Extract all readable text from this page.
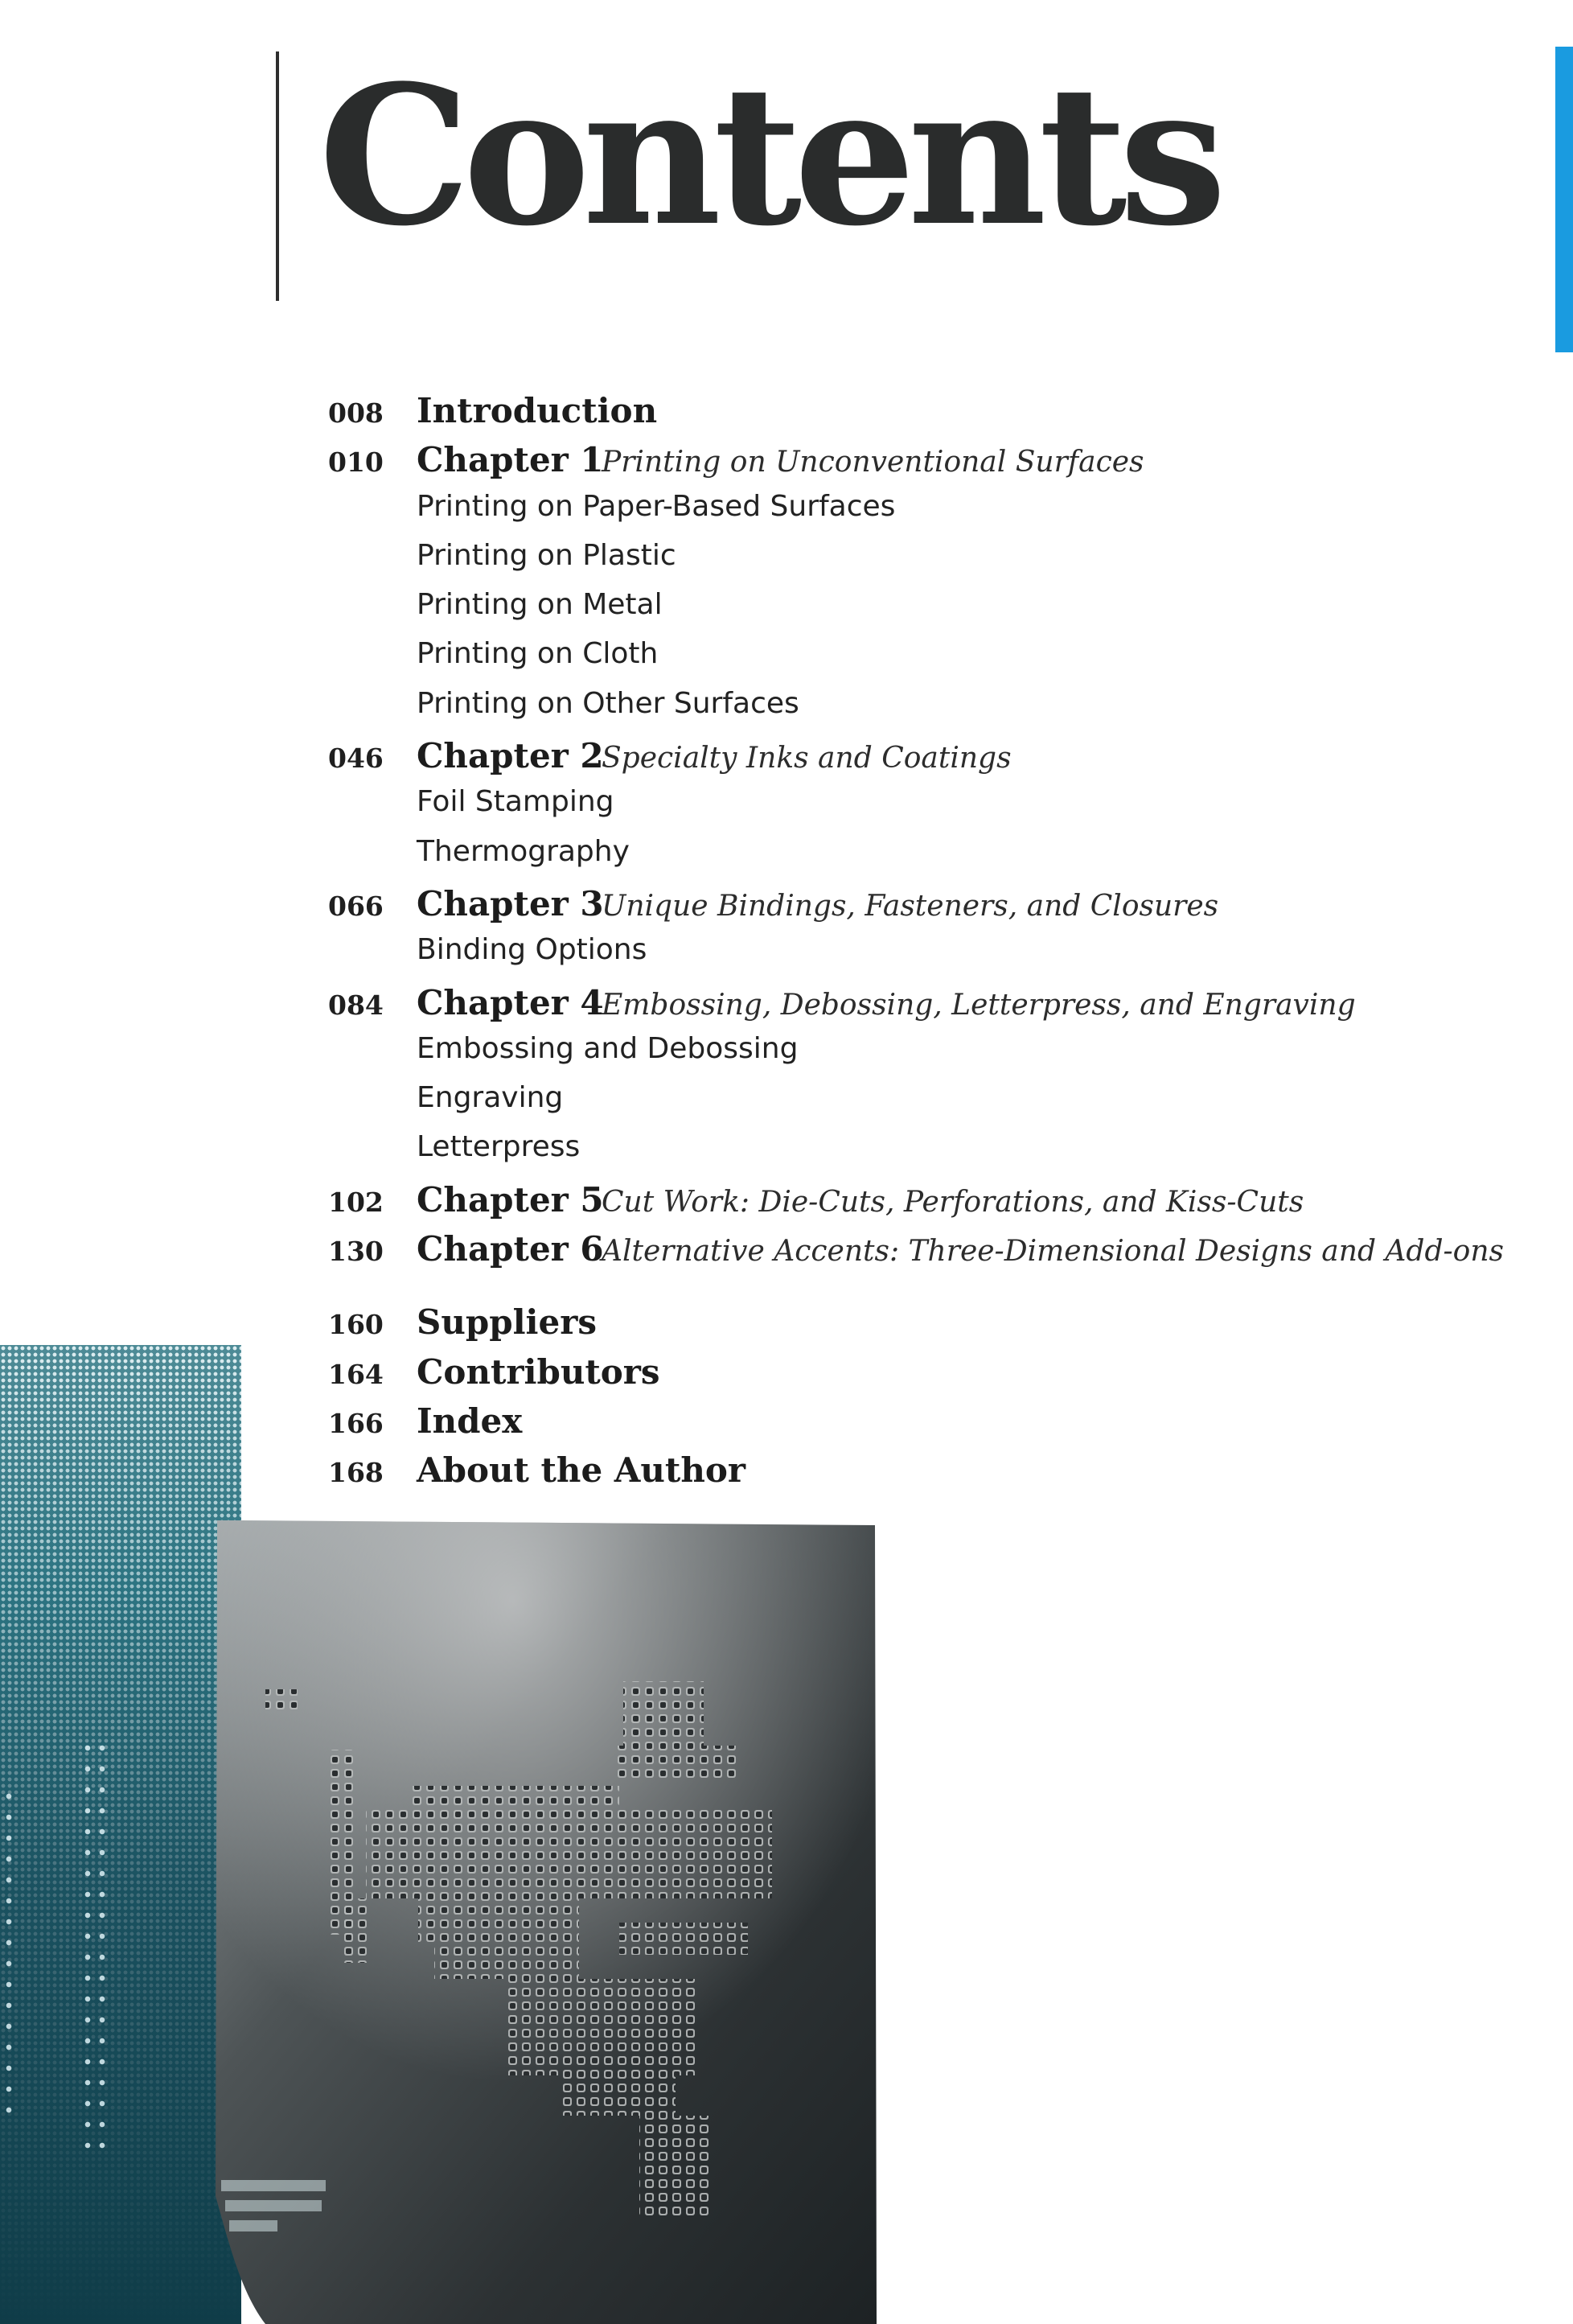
Contents
008 Introduction
010 Chapter 1
Printing on Unconventional Surfaces
Printing on Paper-Based Surfaces
Printing on Plastic
Printing on Metal
Printing on Cloth
Printing on Other Surfaces
046 Chapter 2
Specialty Inks and Coatings
Foil Stamping
Thermography
066 Chapter 3
Unique Bindings, Fasteners, and Closures
Binding Options
084 Chapter 4
Embossing, Debossing, Letterpress, and Engraving
Embossing and Debossing
Engraving
Letterpress
102 Chapter 5
Cut Work: Die-Cuts, Perforations, and Kiss-Cuts
130 Chapter 6
Alternative Accents: Three-Dimensional Designs and Add-ons
160 Suppliers
164 Contributors
166 Index
168 About the Author
